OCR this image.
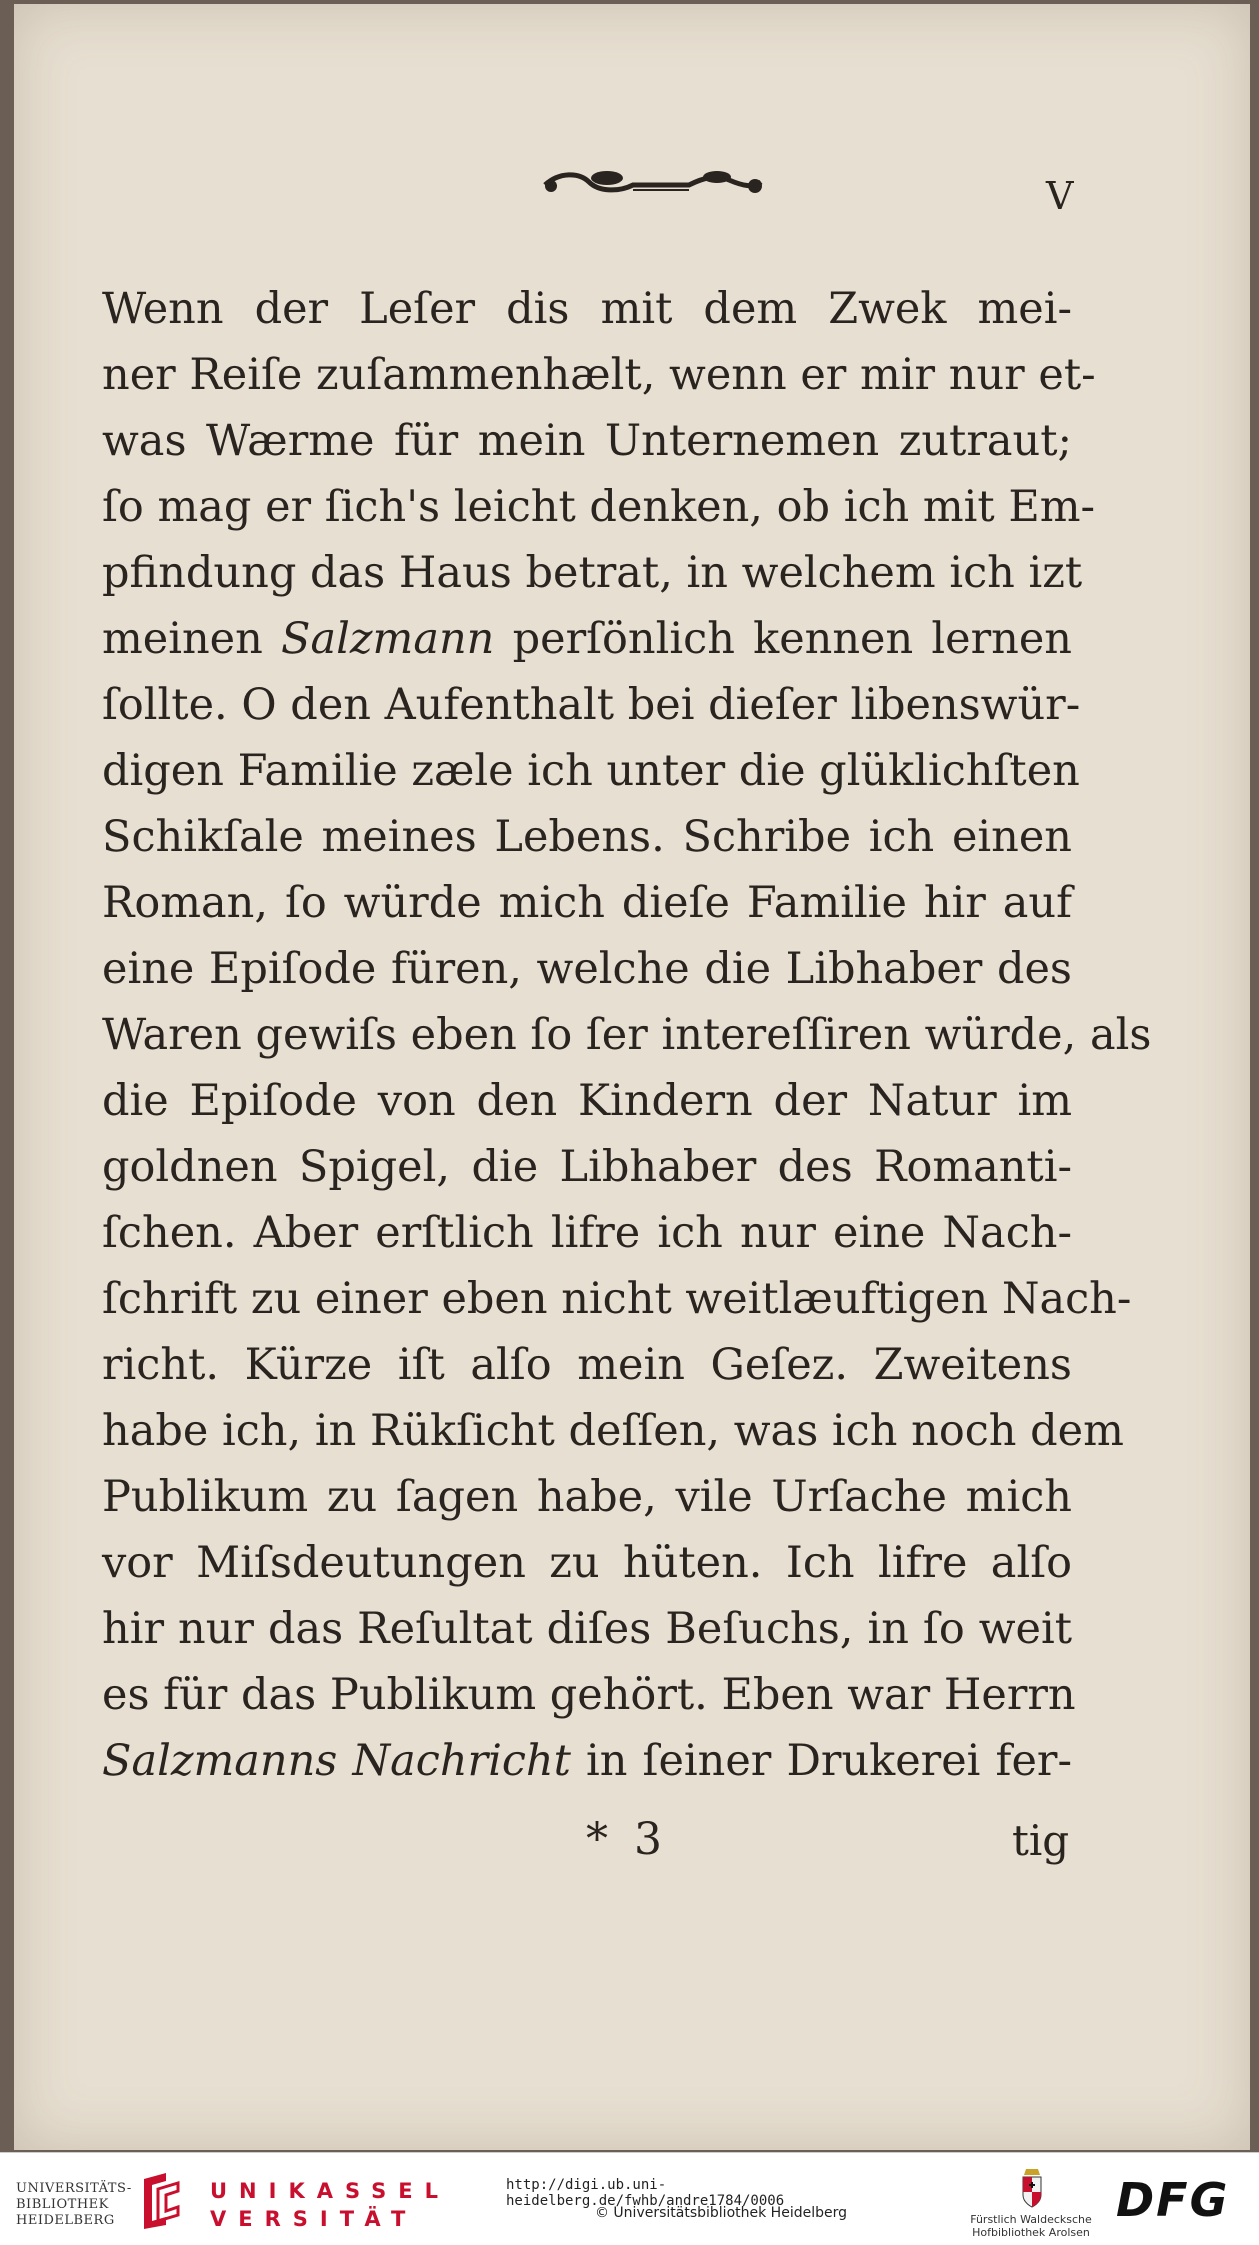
V
Wenn der Leſer dis mit dem Zwek mei-
ner Reiſe zuſammenhælt, wenn er mir nur et-
was Wærme für mein Unternemen zutraut;
ſo mag er ſich's leicht denken, ob ich mit Em-
pfindung das Haus betrat, in welchem ich izt
meinen Salzmann perſönlich kennen lernen
ſollte. O den Aufenthalt bei dieſer libenswür-
digen Familie zæle ich unter die glüklichſten
Schikſale meines Lebens. Schribe ich einen
Roman, ſo würde mich dieſe Familie hir auf
eine Epiſode füren, welche die Libhaber des
Waren gewiſs eben ſo ſer intereſſiren würde, als
die Epiſode von den Kindern der Natur im
goldnen Spigel, die Libhaber des Romanti-
ſchen. Aber erſtlich lifre ich nur eine Nach-
ſchrift zu einer eben nicht weitlæuftigen Nach-
richt. Kürze iſt alſo mein Geſez. Zweitens
habe ich, in Rükſicht deſſen, was ich noch dem
Publikum zu ſagen habe, vile Urſache mich
vor Miſsdeutungen zu hüten. Ich lifre alſo
hir nur das Reſultat diſes Beſuchs, in ſo weit
es für das Publikum gehört. Eben war Herrn
Salzmanns Nachricht in ſeiner Drukerei fer-
* 3	tig
UNIVERSITÄTS-
BIBLIOTHEK
HEIDELBERG
UNIKASSEL
VERSITÄT
http://digi.ub.uni-heidelberg.de/fwhb/andre1784/0006
© Universitätsbibliothek Heidelberg	Fürstlich Waldecksche
Hofbibliothek Arolsen
DFG
